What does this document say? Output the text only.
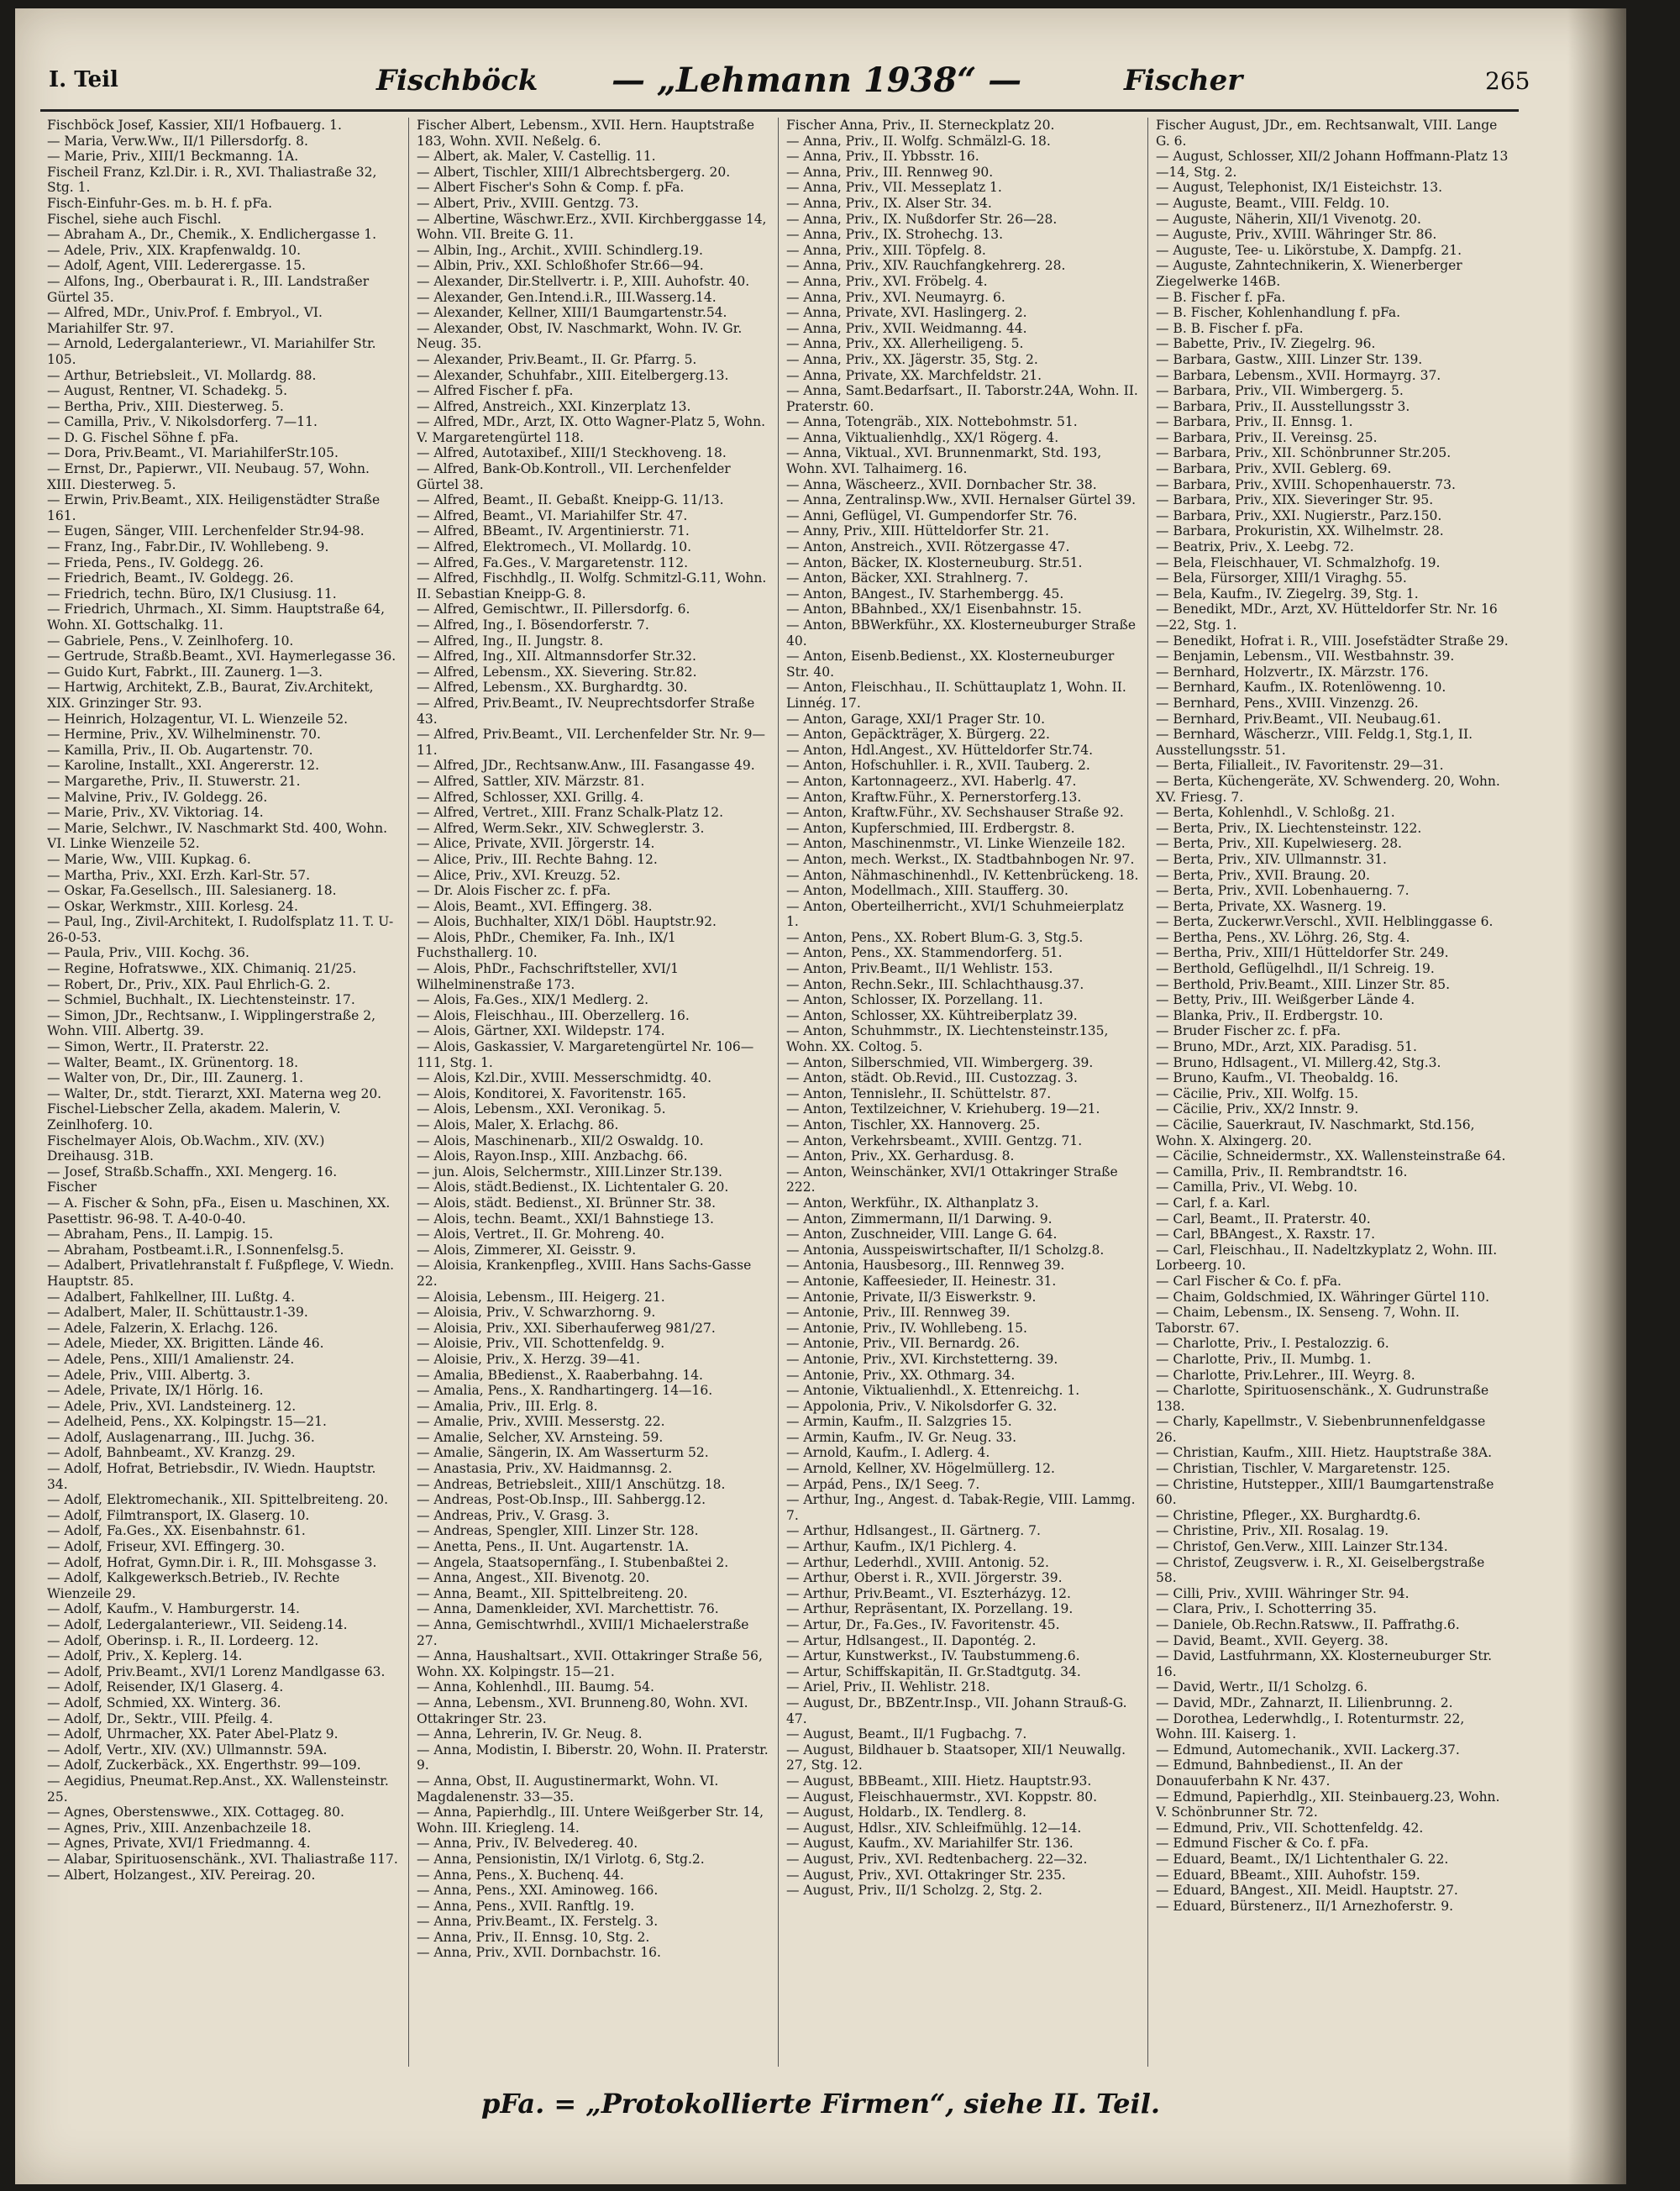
I. Teil	Fischböck — „Lehmann 1938“ —	Fischer	265

Fischböck Josef, Kassier, XII/1 Hofbauerg. 1.

— Maria, Verw.Ww., II/1 Pillersdorfg. 8.

— Marie, Priv., XIII/1 Beckmanng. 1A.

Fischeil Franz, Kzl.Dir. i. R., XVI. Thaliastraße 32, Stg. 1.

Fisch-Einfuhr-Ges. m. b. H. f. pFa.

Fischel, siehe auch Fischl.

— Abraham A., Dr., Chemik., X. Endlichergasse 1.

— Adele, Priv., XIX. Krapfenwaldg. 10.

— Adolf, Agent, VIII. Lederergasse. 15.

— Alfons, Ing., Oberbaurat i. R., III. Landstraßer Gürtel 35.

— Alfred, MDr., Univ.Prof. f. Embryol., VI. Mariahilfer Str. 97.

— Arnold, Ledergalanteriewr., VI. Mariahilfer Str. 105.

— Arthur, Betriebsleit., VI. Mollardg. 88.

— August, Rentner, VI. Schadekg. 5.

— Bertha, Priv., XIII. Diesterweg. 5.

— Camilla, Priv., V. Nikolsdorferg. 7—11.

— D. G. Fischel Söhne f. pFa.

— Dora, Priv.Beamt., VI. MariahilferStr.105.

— Ernst, Dr., Papierwr., VII. Neubaug. 57, Wohn. XIII. Diesterweg. 5.

— Erwin, Priv.Beamt., XIX. Heiligenstädter Straße 161.

— Eugen, Sänger, VIII. Lerchenfelder Str.94-98.

— Franz, Ing., Fabr.Dir., IV. Wohllebeng. 9.

— Frieda, Pens., IV. Goldegg. 26.

— Friedrich, Beamt., IV. Goldegg. 26.

— Friedrich, techn. Büro, IX/1 Clusiusg. 11.

— Friedrich, Uhrmach., XI. Simm. Hauptstraße 64, Wohn. XI. Gottschalkg. 11.

— Gabriele, Pens., V. Zeinlhoferg. 10.

— Gertrude, Straßb.Beamt., XVI. Haymerlegasse 36.

— Guido Kurt, Fabrkt., III. Zaunerg. 1—3.

— Hartwig, Architekt, Z.B., Baurat, Ziv.Architekt, XIX. Grinzinger Str. 93.

— Heinrich, Holzagentur, VI. L. Wienzeile 52.

— Hermine, Priv., XV. Wilhelminenstr. 70.

— Kamilla, Priv., II. Ob. Augartenstr. 70.

— Karoline, Installt., XXI. Angererstr. 12.

— Margarethe, Priv., II. Stuwerstr. 21.

— Malvine, Priv., IV. Goldegg. 26.

— Marie, Priv., XV. Viktoriag. 14.

— Marie, Selchwr., IV. Naschmarkt Std. 400, Wohn. VI. Linke Wienzeile 52.

— Marie, Ww., VIII. Kupkag. 6.

— Martha, Priv., XXI. Erzh. Karl-Str. 57.

— Oskar, Fa.Gesellsch., III. Salesianerg. 18.

— Oskar, Werkmstr., XIII. Korlesg. 24.

— Paul, Ing., Zivil-Architekt, I. Rudolfsplatz 11. T. U-26-0-53.

— Paula, Priv., VIII. Kochg. 36.

— Regine, Hofratswwe., XIX. Chimaniq. 21/25.

— Robert, Dr., Priv., XIX. Paul Ehrlich-G. 2.

— Schmiel, Buchhalt., IX. Liechtensteinstr. 17.

— Simon, JDr., Rechtsanw., I. Wipplingerstraße 2, Wohn. VIII. Albertg. 39.

— Simon, Wertr., II. Praterstr. 22.

— Walter, Beamt., IX. Grünentorg. 18.

— Walter von, Dr., Dir., III. Zaunerg. 1.

— Walter, Dr., stdt. Tierarzt, XXI. Materna weg 20.

Fischel-Liebscher Zella, akadem. Malerin, V. Zeinlhoferg. 10.

Fischelmayer Alois, Ob.Wachm., XIV. (XV.) Dreihausg. 31B.

— Josef, Straßb.Schaffn., XXI. Mengerg. 16.

Fischer

— A. Fischer & Sohn, pFa., Eisen u. Maschinen, XX. Pasettistr. 96-98. T. A-40-0-40.

— Abraham, Pens., II. Lampig. 15.

— Abraham, Postbeamt.i.R., I.Sonnenfelsg.5.

— Adalbert, Privatlehranstalt f. Fußpflege, V. Wiedn. Hauptstr. 85.

— Adalbert, Fahlkellner, III. Lußtg. 4.

— Adalbert, Maler, II. Schüttaustr.1-39.

— Adele, Falzerin, X. Erlachg. 126.

— Adele, Mieder, XX. Brigitten. Lände 46.

— Adele, Pens., XIII/1 Amalienstr. 24.

— Adele, Priv., VIII. Albertg. 3.

— Adele, Private, IX/1 Hörlg. 16.

— Adele, Priv., XVI. Landsteinerg. 12.

— Adelheid, Pens., XX. Kolpingstr. 15—21.

— Adolf, Auslagenarrang., III. Juchg. 36.

— Adolf, Bahnbeamt., XV. Kranzg. 29.

— Adolf, Hofrat, Betriebsdir., IV. Wiedn. Hauptstr. 34.

— Adolf, Elektromechanik., XII. Spittelbreiteng. 20.

— Adolf, Filmtransport, IX. Glaserg. 10.

— Adolf, Fa.Ges., XX. Eisenbahnstr. 61.

— Adolf, Friseur, XVI. Effingerg. 30.

— Adolf, Hofrat, Gymn.Dir. i. R., III. Mohsgasse 3.

— Adolf, Kalkgewerksch.Betrieb., IV. Rechte Wienzeile 29.

— Adolf, Kaufm., V. Hamburgerstr. 14.

— Adolf, Ledergalanteriewr., VII. Seideng.14.

— Adolf, Oberinsp. i. R., II. Lordeerg. 12.

— Adolf, Priv., X. Keplerg. 14.

— Adolf, Priv.Beamt., XVI/1 Lorenz Mandlgasse 63.

— Adolf, Reisender, IX/1 Glaserg. 4.

— Adolf, Schmied, XX. Winterg. 36.

— Adolf, Dr., Sektr., VIII. Pfeilg. 4.

— Adolf, Uhrmacher, XX. Pater Abel-Platz 9.

— Adolf, Vertr., XIV. (XV.) Ullmannstr. 59A.

— Adolf, Zuckerbäck., XX. Engerthstr. 99—109.

— Aegidius, Pneumat.Rep.Anst., XX. Wallensteinstr. 25.

— Agnes, Oberstenswwe., XIX. Cottageg. 80.

— Agnes, Priv., XIII. Anzenbachzeile 18.

— Agnes, Private, XVI/1 Friedmanng. 4.

— Alabar, Spirituosenschänk., XVI. Thaliastraße 117.

— Albert, Holzangest., XIV. Pereirag. 20.

Fischer Albert, Lebensm., XVII. Hern. Hauptstraße 183, Wohn. XVII. Neßelg. 6.

— Albert, ak. Maler, V. Castellig. 11.

— Albert, Tischler, XIII/1 Albrechtsbergerg. 20.

— Albert Fischer's Sohn & Comp. f. pFa.

— Albert, Priv., XVIII. Gentzg. 73.

— Albertine, Wäschwr.Erz., XVII. Kirchberggasse 14, Wohn. VII. Breite G. 11.

— Albin, Ing., Archit., XVIII. Schindlerg.19.

— Albin, Priv., XXI. Schloßhofer Str.66—94.

— Alexander, Dir.Stellvertr. i. P., XIII. Auhofstr. 40.

— Alexander, Gen.Intend.i.R., III.Wasserg.14.

— Alexander, Kellner, XIII/1 Baumgartenstr.54.

— Alexander, Obst, IV. Naschmarkt, Wohn. IV. Gr. Neug. 35.

— Alexander, Priv.Beamt., II. Gr. Pfarrg. 5.

— Alexander, Schuhfabr., XIII. Eitelbergerg.13.

— Alfred Fischer f. pFa.

— Alfred, Anstreich., XXI. Kinzerplatz 13.

— Alfred, MDr., Arzt, IX. Otto Wagner-Platz 5, Wohn. V. Margaretengürtel 118.

— Alfred, Autotaxibef., XIII/1 Steckhoveng. 18.

— Alfred, Bank-Ob.Kontroll., VII. Lerchenfelder Gürtel 38.

— Alfred, Beamt., II. Gebaßt. Kneipp-G. 11/13.

— Alfred, Beamt., VI. Mariahilfer Str. 47.

— Alfred, BBeamt., IV. Argentinierstr. 71.

— Alfred, Elektromech., VI. Mollardg. 10.

— Alfred, Fa.Ges., V. Margaretenstr. 112.

— Alfred, Fischhdlg., II. Wolfg. Schmitzl-G.11, Wohn. II. Sebastian Kneipp-G. 8.

— Alfred, Gemischtwr., II. Pillersdorfg. 6.

— Alfred, Ing., I. Bösendorferstr. 7.

— Alfred, Ing., II. Jungstr. 8.

— Alfred, Ing., XII. Altmannsdorfer Str.32.

— Alfred, Lebensm., XX. Sievering. Str.82.

— Alfred, Lebensm., XX. Burghardtg. 30.

— Alfred, Priv.Beamt., IV. Neuprechtsdorfer Straße 43.

— Alfred, Priv.Beamt., VII. Lerchenfelder Str. Nr. 9—11.

— Alfred, JDr., Rechtsanw.Anw., III. Fasangasse 49.

— Alfred, Sattler, XIV. Märzstr. 81.

— Alfred, Schlosser, XXI. Grillg. 4.

— Alfred, Vertret., XIII. Franz Schalk-Platz 12.

— Alfred, Werm.Sekr., XIV. Schweglerstr. 3.

— Alice, Private, XVII. Jörgerstr. 14.

— Alice, Priv., III. Rechte Bahng. 12.

— Alice, Priv., XVI. Kreuzg. 52.

— Dr. Alois Fischer zc. f. pFa.

— Alois, Beamt., XVI. Effingerg. 38.

— Alois, Buchhalter, XIX/1 Döbl. Hauptstr.92.

— Alois, PhDr., Chemiker, Fa. Inh., IX/1 Fuchsthallerg. 10.

— Alois, PhDr., Fachschriftsteller, XVI/1 Wilhelminenstraße 173.

— Alois, Fa.Ges., XIX/1 Medlerg. 2.

— Alois, Fleischhau., III. Oberzellerg. 16.

— Alois, Gärtner, XXI. Wildepstr. 174.

— Alois, Gaskassier, V. Margaretengürtel Nr. 106—111, Stg. 1.

— Alois, Kzl.Dir., XVIII. Messerschmidtg. 40.

— Alois, Konditorei, X. Favoritenstr. 165.

— Alois, Lebensm., XXI. Veronikag. 5.

— Alois, Maler, X. Erlachg. 86.

— Alois, Maschinenarb., XII/2 Oswaldg. 10.

— Alois, Rayon.Insp., XIII. Anzbachg. 66.

— jun. Alois, Selchermstr., XIII.Linzer Str.139.

— Alois, städt.Bedienst., IX. Lichtentaler G. 20.

— Alois, städt. Bedienst., XI. Brünner Str. 38.

— Alois, techn. Beamt., XXI/1 Bahnstiege 13.

— Alois, Vertret., II. Gr. Mohreng. 40.

— Alois, Zimmerer, XI. Geisstr. 9.

— Aloisia, Krankenpfleg., XVIII. Hans Sachs-Gasse 22.

— Aloisia, Lebensm., III. Heigerg. 21.

— Aloisia, Priv., V. Schwarzhorng. 9.

— Aloisia, Priv., XXI. Siberhauferweg 981/27.

— Aloisie, Priv., VII. Schottenfeldg. 9.

— Aloisie, Priv., X. Herzg. 39—41.

— Amalia, BBedienst., X. Raaberbahng. 14.

— Amalia, Pens., X. Randhartingerg. 14—16.

— Amalia, Priv., III. Erlg. 8.

— Amalie, Priv., XVIII. Messerstg. 22.

— Amalie, Selcher, XV. Arnsteing. 59.

— Amalie, Sängerin, IX. Am Wasserturm 52.

— Anastasia, Priv., XV. Haidmannsg. 2.

— Andreas, Betriebsleit., XIII/1 Anschützg. 18.

— Andreas, Post-Ob.Insp., III. Sahbergg.12.

— Andreas, Priv., V. Grasg. 3.

— Andreas, Spengler, XIII. Linzer Str. 128.

— Anetta, Pens., II. Unt. Augartenstr. 1A.

— Angela, Staatsopernfäng., I. Stubenbaßtei 2.

— Anna, Angest., XII. Bivenotg. 20.

— Anna, Beamt., XII. Spittelbreiteng. 20.

— Anna, Damenkleider, XVI. Marchettistr. 76.

— Anna, Gemischtwrhdl., XVIII/1 Michaelerstraße 27.

— Anna, Haushaltsart., XVII. Ottakringer Straße 56, Wohn. XX. Kolpingstr. 15—21.

— Anna, Kohlenhdl., III. Baumg. 54.

— Anna, Lebensm., XVI. Brunneng.80, Wohn. XVI. Ottakringer Str. 23.

— Anna, Lehrerin, IV. Gr. Neug. 8.

— Anna, Modistin, I. Biberstr. 20, Wohn. II. Praterstr. 9.

— Anna, Obst, II. Augustinermarkt, Wohn. VI. Magdalenenstr. 33—35.

— Anna, Papierhdlg., III. Untere Weißgerber Str. 14, Wohn. III. Kriegleng. 14.

— Anna, Priv., IV. Belvedereg. 40.

— Anna, Pensionistin, IX/1 Virlotg. 6, Stg.2.

— Anna, Pens., X. Buchenq. 44.

— Anna, Pens., XXI. Aminoweg. 166.

— Anna, Pens., XVII. Ranftlg. 19.

— Anna, Priv.Beamt., IX. Ferstelg. 3.

— Anna, Priv., II. Ennsg. 10, Stg. 2.

— Anna, Priv., XVII. Dornbachstr. 16.

Fischer Anna, Priv., II. Sterneckplatz 20.

— Anna, Priv., II. Wolfg. Schmälzl-G. 18.

— Anna, Priv., II. Ybbsstr. 16.

— Anna, Priv., III. Rennweg 90.

— Anna, Priv., VII. Messeplatz 1.

— Anna, Priv., IX. Alser Str. 34.

— Anna, Priv., IX. Nußdorfer Str. 26—28.

— Anna, Priv., IX. Strohechg. 13.

— Anna, Priv., XIII. Töpfelg. 8.

— Anna, Priv., XIV. Rauchfangkehrerg. 28.

— Anna, Priv., XVI. Fröbelg. 4.

— Anna, Priv., XVI. Neumayrg. 6.

— Anna, Private, XVI. Haslingerg. 2.

— Anna, Priv., XVII. Weidmanng. 44.

— Anna, Priv., XX. Allerheiligeng. 5.

— Anna, Priv., XX. Jägerstr. 35, Stg. 2.

— Anna, Private, XX. Marchfeldstr. 21.

— Anna, Samt.Bedarfsart., II. Taborstr.24A, Wohn. II. Praterstr. 60.

— Anna, Totengräb., XIX. Nottebohmstr. 51.

— Anna, Viktualienhdlg., XX/1 Rögerg. 4.

— Anna, Viktual., XVI. Brunnenmarkt, Std. 193, Wohn. XVI. Talhaimerg. 16.

— Anna, Wäscheerz., XVII. Dornbacher Str. 38.

— Anna, Zentralinsp.Ww., XVII. Hernalser Gürtel 39.

— Anni, Geflügel, VI. Gumpendorfer Str. 76.

— Anny, Priv., XIII. Hütteldorfer Str. 21.

— Anton, Anstreich., XVII. Rötzergasse 47.

— Anton, Bäcker, IX. Klosterneuburg. Str.51.

— Anton, Bäcker, XXI. Strahlnerg. 7.

— Anton, BAngest., IV. Starhembergg. 45.

— Anton, BBahnbed., XX/1 Eisenbahnstr. 15.

— Anton, BBWerkführ., XX. Klosterneuburger Straße 40.

— Anton, Eisenb.Bedienst., XX. Klosterneuburger Str. 40.

— Anton, Fleischhau., II. Schüttauplatz 1, Wohn. II. Linnég. 17.

— Anton, Garage, XXI/1 Prager Str. 10.

— Anton, Gepäckträger, X. Bürgerg. 22.

— Anton, Hdl.Angest., XV. Hütteldorfer Str.74.

— Anton, Hofschuhller. i. R., XVII. Tauberg. 2.

— Anton, Kartonnageerz., XVI. Haberlg. 47.

— Anton, Kraftw.Führ., X. Pernerstorferg.13.

— Anton, Kraftw.Führ., XV. Sechshauser Straße 92.

— Anton, Kupferschmied, III. Erdbergstr. 8.

— Anton, Maschinenmstr., VI. Linke Wienzeile 182.

— Anton, mech. Werkst., IX. Stadtbahnbogen Nr. 97.

— Anton, Nähmaschinenhdl., IV. Kettenbrückeng. 18.

— Anton, Modellmach., XIII. Staufferg. 30.

— Anton, Oberteilherricht., XVI/1 Schuhmeierplatz 1.

— Anton, Pens., XX. Robert Blum-G. 3, Stg.5.

— Anton, Pens., XX. Stammendorferg. 51.

— Anton, Priv.Beamt., II/1 Wehlistr. 153.

— Anton, Rechn.Sekr., III. Schlachthausg.37.

— Anton, Schlosser, IX. Porzellang. 11.

— Anton, Schlosser, XX. Kühtreiberplatz 39.

— Anton, Schuhmmstr., IX. Liechtensteinstr.135, Wohn. XX. Coltog. 5.

— Anton, Silberschmied, VII. Wimbergerg. 39.

— Anton, städt. Ob.Revid., III. Custozzag. 3.

— Anton, Tennislehr., II. Schüttelstr. 87.

— Anton, Textilzeichner, V. Kriehuberg. 19—21.

— Anton, Tischler, XX. Hannoverg. 25.

— Anton, Verkehrsbeamt., XVIII. Gentzg. 71.

— Anton, Priv., XX. Gerhardusg. 8.

— Anton, Weinschänker, XVI/1 Ottakringer Straße 222.

— Anton, Werkführ., IX. Althanplatz 3.

— Anton, Zimmermann, II/1 Darwing. 9.

— Anton, Zuschneider, VIII. Lange G. 64.

— Antonia, Ausspeiswirtschafter, II/1 Scholzg.8.

— Antonia, Hausbesorg., III. Rennweg 39.

— Antonie, Kaffeesieder, II. Heinestr. 31.

— Antonie, Private, II/3 Eiswerkstr. 9.

— Antonie, Priv., III. Rennweg 39.

— Antonie, Priv., IV. Wohllebeng. 15.

— Antonie, Priv., VII. Bernardg. 26.

— Antonie, Priv., XVI. Kirchstetterng. 39.

— Antonie, Priv., XX. Othmarg. 34.

— Antonie, Viktualienhdl., X. Ettenreichg. 1.

— Appolonia, Priv., V. Nikolsdorfer G. 32.

— Armin, Kaufm., II. Salzgries 15.

— Armin, Kaufm., IV. Gr. Neug. 33.

— Arnold, Kaufm., I. Adlerg. 4.

— Arnold, Kellner, XV. Högelmüllerg. 12.

— Arpád, Pens., IX/1 Seeg. 7.

— Arthur, Ing., Angest. d. Tabak-Regie, VIII. Lammg. 7.

— Arthur, Hdlsangest., II. Gärtnerg. 7.

— Arthur, Kaufm., IX/1 Pichlerg. 4.

— Arthur, Lederhdl., XVIII. Antonig. 52.

— Arthur, Oberst i. R., XVII. Jörgerstr. 39.

— Arthur, Priv.Beamt., VI. Eszterházyg. 12.

— Arthur, Repräsentant, IX. Porzellang. 19.

— Artur, Dr., Fa.Ges., IV. Favoritenstr. 45.

— Artur, Hdlsangest., II. Dapontég. 2.

— Artur, Kunstwerkst., IV. Taubstummeng.6.

— Artur, Schiffskapitän, II. Gr.Stadtgutg. 34.

— Ariel, Priv., II. Wehlistr. 218.

— August, Dr., BBZentr.Insp., VII. Johann Strauß-G. 47.

— August, Beamt., II/1 Fugbachg. 7.

— August, Bildhauer b. Staatsoper, XII/1 Neuwallg. 27, Stg. 12.

— August, BBBeamt., XIII. Hietz. Hauptstr.93.

— August, Fleischhauermstr., XVI. Koppstr. 80.

— August, Holdarb., IX. Tendlerg. 8.

— August, Hdlsr., XIV. Schleifmühlg. 12—14.

— August, Kaufm., XV. Mariahilfer Str. 136.

— August, Priv., XVI. Redtenbacherg. 22—32.

— August, Priv., XVI. Ottakringer Str. 235.

— August, Priv., II/1 Scholzg. 2, Stg. 2.

Fischer August, JDr., em. Rechtsanwalt, VIII. Lange G. 6.

— August, Schlosser, XII/2 Johann Hoffmann-Platz 13—14, Stg. 2.

— August, Telephonist, IX/1 Eisteichstr. 13.

— Auguste, Beamt., VIII. Feldg. 10.

— Auguste, Näherin, XII/1 Vivenotg. 20.

— Auguste, Priv., XVIII. Währinger Str. 86.

— Auguste, Tee- u. Likörstube, X. Dampfg. 21.

— Auguste, Zahntechnikerin, X. Wienerberger Ziegelwerke 146B.

— B. Fischer f. pFa.

— B. Fischer, Kohlenhandlung f. pFa.

— B. B. Fischer f. pFa.

— Babette, Priv., IV. Ziegelrg. 96.

— Barbara, Gastw., XIII. Linzer Str. 139.

— Barbara, Lebensm., XVII. Hormayrg. 37.

— Barbara, Priv., VII. Wimbergerg. 5.

— Barbara, Priv., II. Ausstellungsstr 3.

— Barbara, Priv., II. Ennsg. 1.

— Barbara, Priv., II. Vereinsg. 25.

— Barbara, Priv., XII. Schönbrunner Str.205.

— Barbara, Priv., XVII. Geblerg. 69.

— Barbara, Priv., XVIII. Schopenhauerstr. 73.

— Barbara, Priv., XIX. Sieveringer Str. 95.

— Barbara, Priv., XXI. Nugierstr., Parz.150.

— Barbara, Prokuristin, XX. Wilhelmstr. 28.

— Beatrix, Priv., X. Leebg. 72.

— Bela, Fleischhauer, VI. Schmalzhofg. 19.

— Bela, Fürsorger, XIII/1 Viraghg. 55.

— Bela, Kaufm., IV. Ziegelrg. 39, Stg. 1.

— Benedikt, MDr., Arzt, XV. Hütteldorfer Str. Nr. 16—22, Stg. 1.

— Benedikt, Hofrat i. R., VIII. Josefstädter Straße 29.

— Benjamin, Lebensm., VII. Westbahnstr. 39.

— Bernhard, Holzvertr., IX. Märzstr. 176.

— Bernhard, Kaufm., IX. Rotenlöwenng. 10.

— Bernhard, Pens., XVIII. Vinzenzg. 26.

— Bernhard, Priv.Beamt., VII. Neubaug.61.

— Bernhard, Wäscherzr., VIII. Feldg.1, Stg.1, II. Ausstellungsstr. 51.

— Berta, Filialleit., IV. Favoritenstr. 29—31.

— Berta, Küchengeräte, XV. Schwenderg. 20, Wohn. XV. Friesg. 7.

— Berta, Kohlenhdl., V. Schloßg. 21.

— Berta, Priv., IX. Liechtensteinstr. 122.

— Berta, Priv., XII. Kupelwieserg. 28.

— Berta, Priv., XIV. Ullmannstr. 31.

— Berta, Priv., XVII. Braung. 20.

— Berta, Priv., XVII. Lobenhauerng. 7.

— Berta, Private, XX. Wasnerg. 19.

— Berta, Zuckerwr.Verschl., XVII. Helblinggasse 6.

— Bertha, Pens., XV. Löhrg. 26, Stg. 4.

— Bertha, Priv., XIII/1 Hütteldorfer Str. 249.

— Berthold, Geflügelhdl., II/1 Schreig. 19.

— Berthold, Priv.Beamt., XIII. Linzer Str. 85.

— Betty, Priv., III. Weißgerber Lände 4.

— Blanka, Priv., II. Erdbergstr. 10.

— Bruder Fischer zc. f. pFa.

— Bruno, MDr., Arzt, XIX. Paradisg. 51.

— Bruno, Hdlsagent., VI. Millerg.42, Stg.3.

— Bruno, Kaufm., VI. Theobaldg. 16.

— Cäcilie, Priv., XII. Wolfg. 15.

— Cäcilie, Priv., XX/2 Innstr. 9.

— Cäcilie, Sauerkraut, IV. Naschmarkt, Std.156, Wohn. X. Alxingerg. 20.

— Cäcilie, Schneidermstr., XX. Wallensteinstraße 64.

— Camilla, Priv., II. Rembrandtstr. 16.

— Camilla, Priv., VI. Webg. 10.

— Carl, f. a. Karl.

— Carl, Beamt., II. Praterstr. 40.

— Carl, BBAngest., X. Raxstr. 17.

— Carl, Fleischhau., II. Nadeltzkyplatz 2, Wohn. III. Lorbeerg. 10.

— Carl Fischer & Co. f. pFa.

— Chaim, Goldschmied, IX. Währinger Gürtel 110.

— Chaim, Lebensm., IX. Senseng. 7, Wohn. II. Taborstr. 67.

— Charlotte, Priv., I. Pestalozzig. 6.

— Charlotte, Priv., II. Mumbg. 1.

— Charlotte, Priv.Lehrer., III. Weyrg. 8.

— Charlotte, Spirituosenschänk., X. Gudrunstraße 138.

— Charly, Kapellmstr., V. Siebenbrunnenfeldgasse 26.

— Christian, Kaufm., XIII. Hietz. Hauptstraße 38A.

— Christian, Tischler, V. Margaretenstr. 125.

— Christine, Hutstepper., XIII/1 Baumgartenstraße 60.

— Christine, Pfleger., XX. Burghardtg.6.

— Christine, Priv., XII. Rosalag. 19.

— Christof, Gen.Verw., XIII. Lainzer Str.134.

— Christof, Zeugsverw. i. R., XI. Geiselbergstraße 58.

— Cilli, Priv., XVIII. Währinger Str. 94.

— Clara, Priv., I. Schotterring 35.

— Daniele, Ob.Rechn.Ratsww., II. Paffrathg.6.

— David, Beamt., XVII. Geyerg. 38.

— David, Lastfuhrmann, XX. Klosterneuburger Str. 16.

— David, Wertr., II/1 Scholzg. 6.

— David, MDr., Zahnarzt, II. Lilienbrunng. 2.

— Dorothea, Lederwhdlg., I. Rotenturmstr. 22, Wohn. III. Kaiserg. 1.

— Edmund, Automechanik., XVII. Lackerg.37.

— Edmund, Bahnbedienst., II. An der Donauuferbahn K Nr. 437.

— Edmund, Papierhdlg., XII. Steinbauerg.23, Wohn. V. Schönbrunner Str. 72.

— Edmund, Priv., VII. Schottenfeldg. 42.

— Edmund Fischer & Co. f. pFa.

— Eduard, Beamt., IX/1 Lichtenthaler G. 22.

— Eduard, BBeamt., XIII. Auhofstr. 159.

— Eduard, BAngest., XII. Meidl. Hauptstr. 27.

— Eduard, Bürstenerz., II/1 Arnezhoferstr. 9.

pFa. = „Protokollierte Firmen“, siehe II. Teil.
